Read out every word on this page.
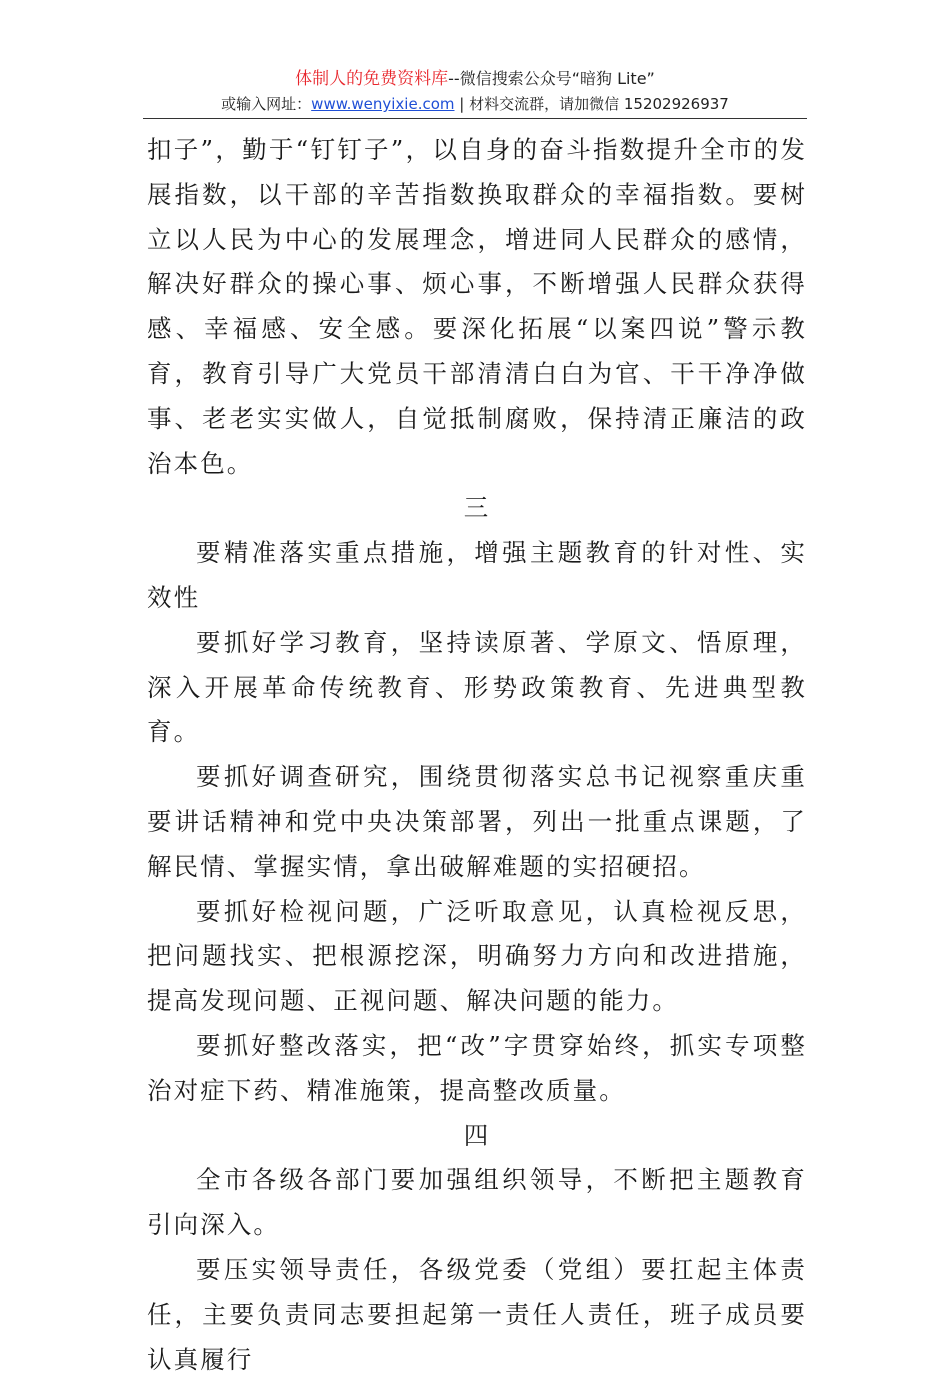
体制人的免费资料库--微信搜索公众号“暗狗 Lite”
或输入网址：www.wenyixie.com | 材料交流群，请加微信 15202926937

扣子”，勤于“钉钉子”，以自身的奋斗指数提升全市的发展指数，以干部的辛苦指数换取群众的幸福指数。要树立以人民为中心的发展理念，增进同人民群众的感情，解决好群众的操心事、烦心事，不断增强人民群众获得感、幸福感、安全感。要深化拓展“以案四说”警示教育，教育引导广大党员干部清清白白为官、干干净净做事、老老实实做人，自觉抵制腐败，保持清正廉洁的政治本色。

三

要精准落实重点措施，增强主题教育的针对性、实效性

要抓好学习教育，坚持读原著、学原文、悟原理，深入开展革命传统教育、形势政策教育、先进典型教育。

要抓好调查研究，围绕贯彻落实总书记视察重庆重要讲话精神和党中央决策部署，列出一批重点课题，了解民情、掌握实情，拿出破解难题的实招硬招。

要抓好检视问题，广泛听取意见，认真检视反思，把问题找实、把根源挖深，明确努力方向和改进措施，提高发现问题、正视问题、解决问题的能力。

要抓好整改落实，把“改”字贯穿始终，抓实专项整治对症下药、精准施策，提高整改质量。

四

全市各级各部门要加强组织领导，不断把主题教育引向深入。

要压实领导责任，各级党委（党组）要扛起主体责任，主要负责同志要担起第一责任人责任，班子成员要认真履行
